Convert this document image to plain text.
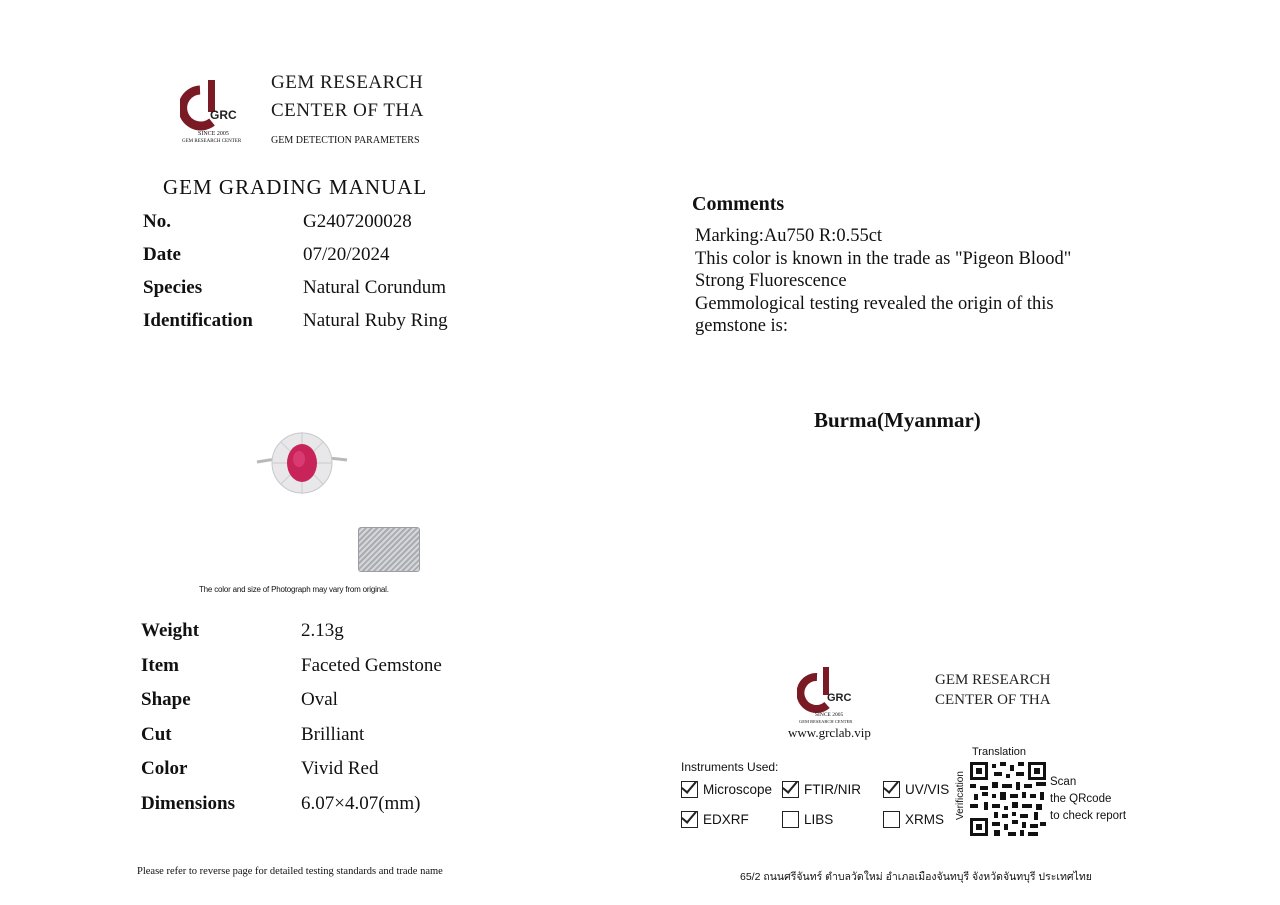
GRC
SINCE 2005
GEM RESEARCH CENTER
GEM RESEARCH
CENTER OF THA
GEM DETECTION PARAMETERS
GEM GRADING MANUAL
No.	G2407200028
Date	07/20/2024
Species	Natural Corundum
Identification	Natural Ruby Ring
The color and size of Photograph may vary from original.
Weight	2.13g
Item	Faceted Gemstone
Shape	Oval
Cut	Brilliant
Color	Vivid Red
Dimensions	6.07×4.07(mm)
Please refer to reverse page for detailed testing standards and trade name
Comments
Marking:Au750 R:0.55ct
This color is known in the trade as "Pigeon Blood"
Strong Fluorescence
Gemmological testing revealed the origin of this
gemstone is:
Burma(Myanmar)
GRC
SINCE 2005
GEM RESEARCH CENTER
www.grclab.vip
GEM RESEARCH
CENTER OF THA
Instruments Used:
Microscope FTIR/NIR	UV/VIS
EDXRF	LIBS	XRMS
Translation
Verification	Scan
the QRcode
to check report
65/2 ถนนศรีจันทร์ ตำบลวัดใหม่ อำเภอเมืองจันทบุรี จังหวัดจันทบุรี ประเทศไทย
